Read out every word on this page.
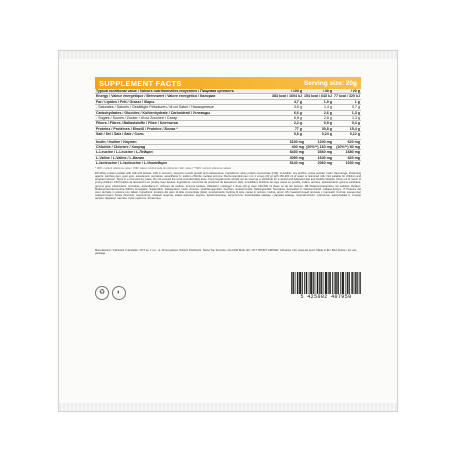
SUPPLEMENT FACTS	Serving size: 20g
Typical nutritional value / Valeurs nutritionnelles moyennes / Пищевая ценность	/ 100 g	/ 40 g	/ 20 g
Energy / Valeur énergétique / Brennwert / Valore energetico / Калории	383 kcal / 1604 kJ	154 kcal / 643 kJ	77 kcal / 320 kJ
Fat / Lipides / Fett / Grassi / Жиры	4,7 g	1,9 g	1 g
- Saturates / Saturés / Gesättigte Fettsäuren / di cui Saturi / Насыщенные	3,6 g	1,4 g	0,7 g
Carbohydrates / Glucides / Kohlenhydrate / Carboidrati / Углеводы	6,6 g	2,6 g	1,3 g
- Sugars / Sucres / Zucker / di cui Zuccheri / Сахар	6,6 g	2,6 g	1,3 g
Fibers / Fibres / Ballaststoffe / Fibre / Клетчатка	2,2 g	0,9 g	0,4 g
Proteins / Protéines / Eiweiß / Proteine / Белки *	77 g	30,8 g	15,4 g
Salt / Sel / Salz / Sale / Соль	0,6 g	0,24 g	0,12 g
Inulin / Inuline / Инулин	3100 mg	1240 mg	620 mg
Chloride / Chlorure / Хлорид	400 mg	(20%**) 160 mg	(10%**) 80 mg
L-Leucine / L-Leucine / L-Лейцин	8430 mg	3360 mg	1680 mg
L-Valine / L-Valine / L-Валин	4090 mg	1640 mg	820 mg
L-Isoleucine / L-Isoleucine / L-Изолейцин	5140 mg	2060 mg	1030 mg
* NRV: nutrient reference value / VNR: valeur nutritionnelle de référence / Ref. value / **NRV: nutrient reference values
EN Whey protein powder with milk and lactase. Fills in recovery, supports muscle growth and maintenance. Ingredients: whey protein concentrate (milk), emulsifier: soy lecithin, cocoa powder, inulin, flavourings, thickening agents: xanthan gum, guar gum, sweeteners: sucralose, acesulfame K, sodium chloride, lactase enzyme. Recommended use: mix 1 scoop (20 g) with 150-200 ml of water or skimmed milk. Not suitable for children and pregnant women. Store in a cool and dry place. Do not exceed the recommended daily dose. Food supplements should not be used as a substitute for a varied and balanced diet and healthy lifestyle. Keep out of reach of young children. FR Protéine de lactosérum en poudre avec lactase. Ingrédients: concentré de protéines de lactosérum (lait), émulsifiant: lécithine de soja, cacao en poudre, inuline, arômes, épaississants: gomme xanthane, gomme guar, édulcorants: sucralose, acésulfame K, chlorure de sodium, enzyme lactase. Utilisation: mélanger 1 dose (20 g) avec 150-200 ml d'eau ou de lait écrémé. DE Molkenproteinpulver mit Laktase. Zutaten: Molkenproteinkonzentrat (Milch), Emulgator: Sojalecithin, Kakaopulver, Inulin, Aromen, Verdickungsmittel: Xanthan, Guarkernmehl, Süßungsmittel: Sucralose, Acesulfam K, Natriumchlorid, Laktase-Enzym. IT Proteine del siero del latte in polvere con lattasi. Ingredienti: proteine del siero di latte concentrate (latte), emulsionante: lecitina di soia, cacao in polvere, inulina, aromi. RU Сывороточный протеин с лактазой. Состав: концентрат сывороточного белка (молоко), эмульгатор: соевый лецитин, какао-порошок, инулин, ароматизаторы, загустители: ксантановая камедь, гуаровая камедь, подсластители: сукралоза, ацесульфам К, хлорид натрия, фермент лактаза. Срок годности: 24 месяца.
Manufacturer / Fabricant / Hersteller: OKT sp. z o.o., ul. Przemysłowa, Poland. Distributor: Swiss Top Services, CH-1630 Bulle. EU: OKT SPORT LIMITED, Lithuania. Info: www.okt.sport. Made in EU. Best before / lot: see package.
♻	◐
5 425002 407959
